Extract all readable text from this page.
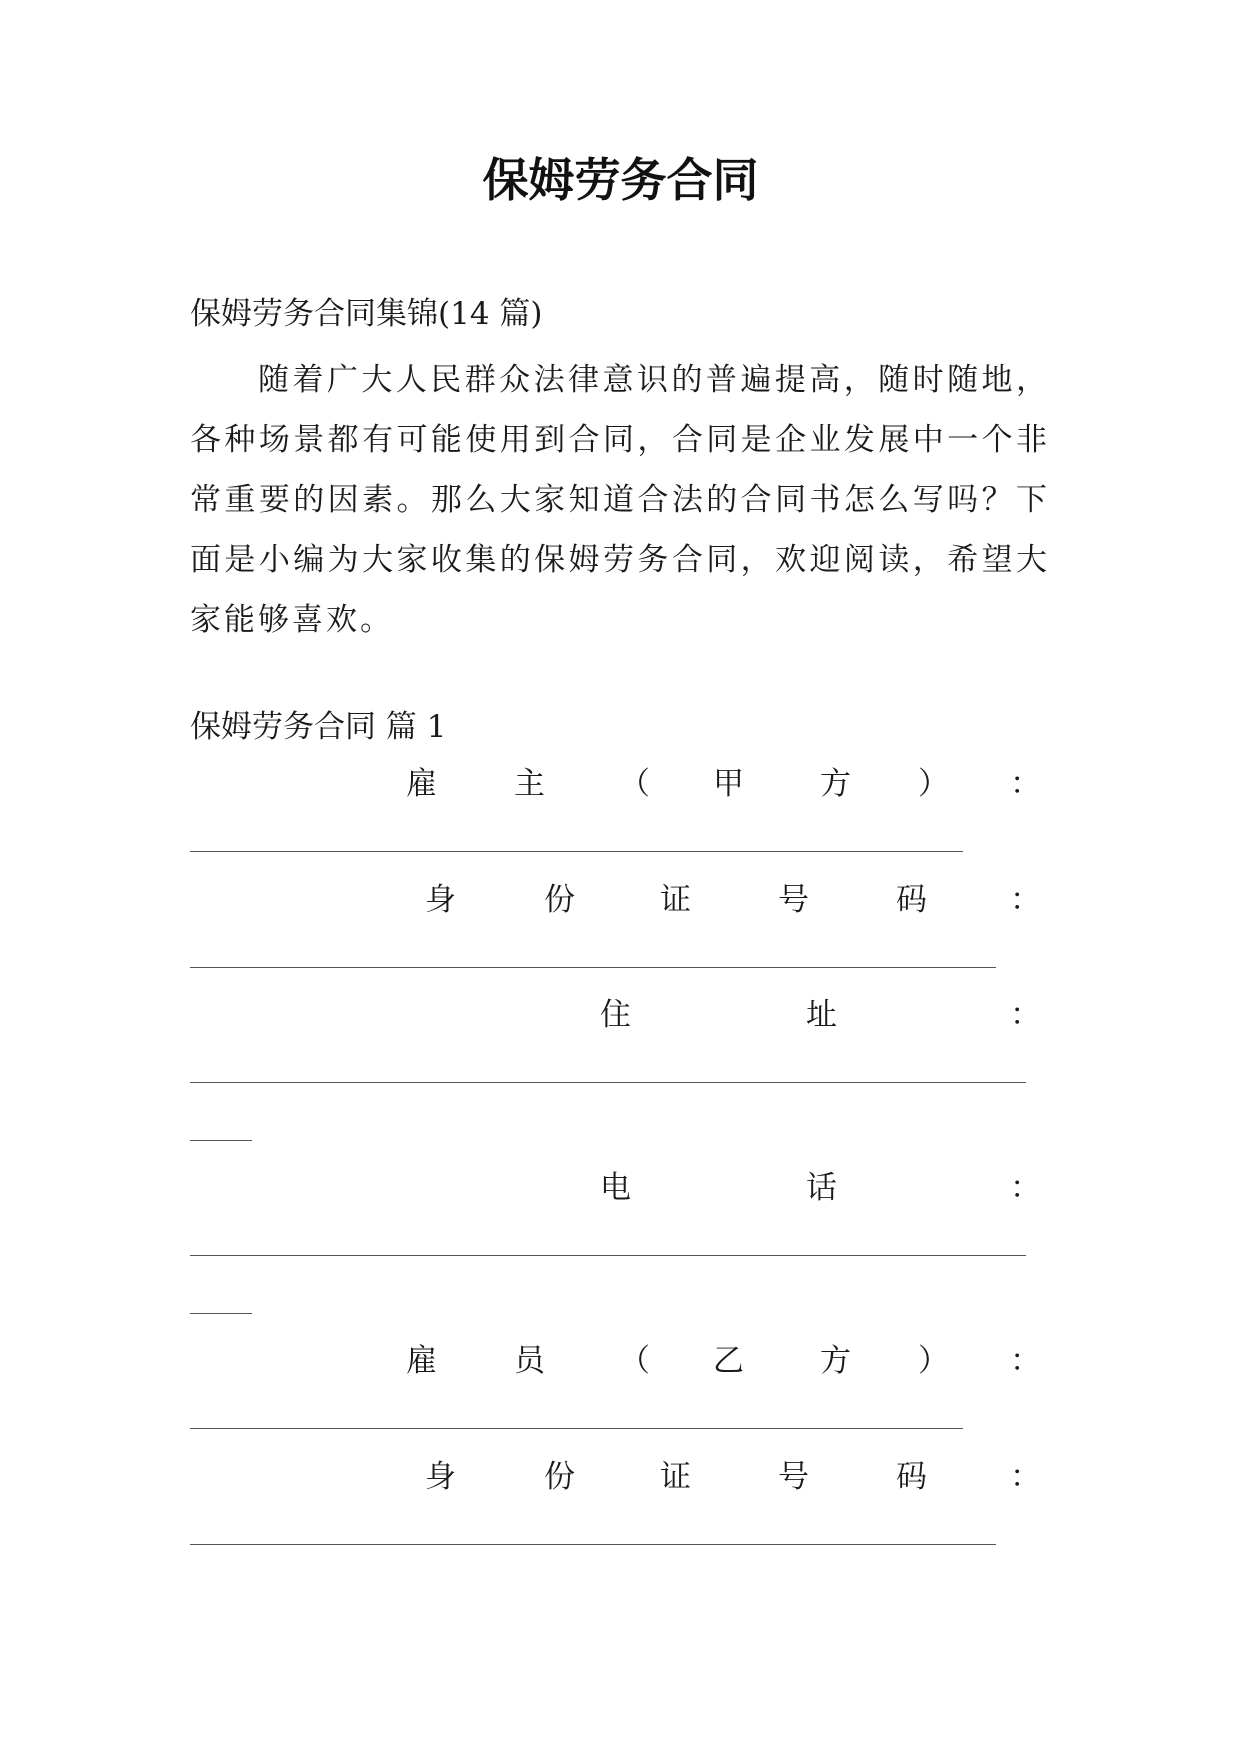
保姆劳务合同
保姆劳务合同集锦(14 篇)
随着广大人民群众法律意识的普遍提高，随时随地，各种场景都有可能使用到合同，合同是企业发展中一个非常重要的因素。那么大家知道合法的合同书怎么写吗？下面是小编为大家收集的保姆劳务合同，欢迎阅读，希望大家能够喜欢。
保姆劳务合同 篇 1
雇 主 （ 甲 方 ） ：
身	份	证	号	码	：
住	址	：
电	话	：
雇 员 （ 乙 方 ） ：
身	份	证	号	码	：
